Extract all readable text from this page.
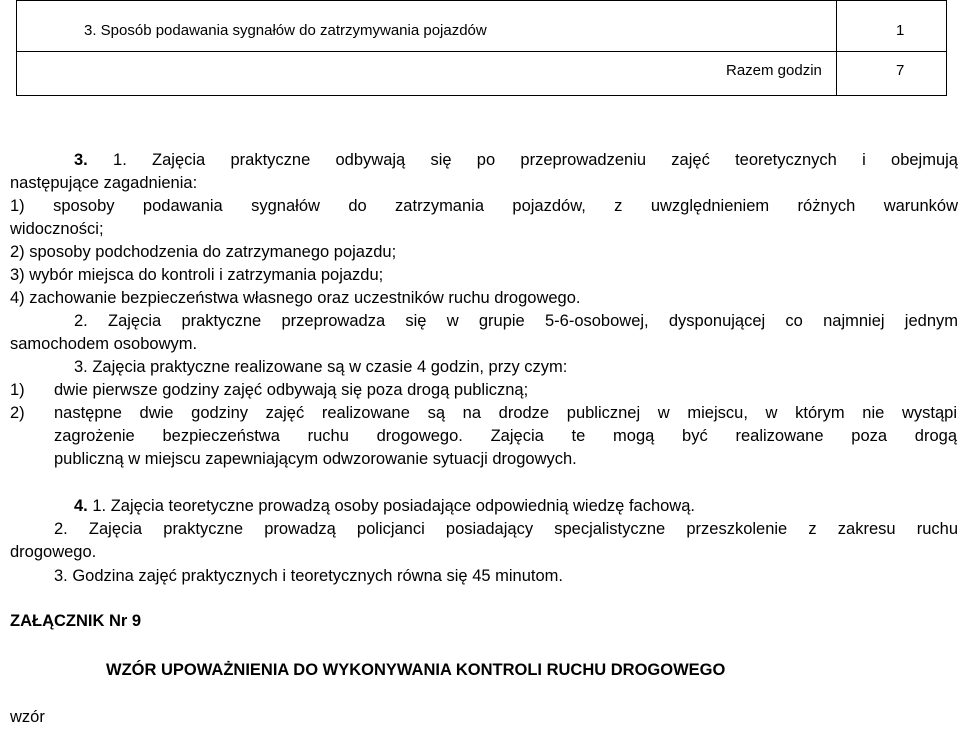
3. Sposób podawania sygnałów do zatrzymywania pojazdów	1
Razem godzin	7
3. 1. Zajęcia praktyczne odbywają się po przeprowadzeniu zajęć teoretycznych i obejmują
następujące zagadnienia:
1) sposoby podawania sygnałów do zatrzymania pojazdów, z uwzględnieniem różnych warunków
widoczności;
2) sposoby podchodzenia do zatrzymanego pojazdu;
3) wybór miejsca do kontroli i zatrzymania pojazdu;
4) zachowanie bezpieczeństwa własnego oraz uczestników ruchu drogowego.
2. Zajęcia praktyczne przeprowadza się w grupie 5-6-osobowej, dysponującej co najmniej jednym
samochodem osobowym.
3. Zajęcia praktyczne realizowane są w czasie 4 godzin, przy czym:
1) dwie pierwsze godziny zajęć odbywają się poza drogą publiczną;
2) następne dwie godziny zajęć realizowane są na drodze publicznej w miejscu, w którym nie wystąpi
zagrożenie bezpieczeństwa ruchu drogowego. Zajęcia te mogą być realizowane poza drogą
publiczną w miejscu zapewniającym odwzorowanie sytuacji drogowych.
4. 1. Zajęcia teoretyczne prowadzą osoby posiadające odpowiednią wiedzę fachową.
2. Zajęcia praktyczne prowadzą policjanci posiadający specjalistyczne przeszkolenie z zakresu ruchu
drogowego.
3. Godzina zajęć praktycznych i teoretycznych równa się 45 minutom.
ZAŁĄCZNIK Nr 9
WZÓR UPOWAŻNIENIA DO WYKONYWANIA KONTROLI RUCHU DROGOWEGO
wzór
